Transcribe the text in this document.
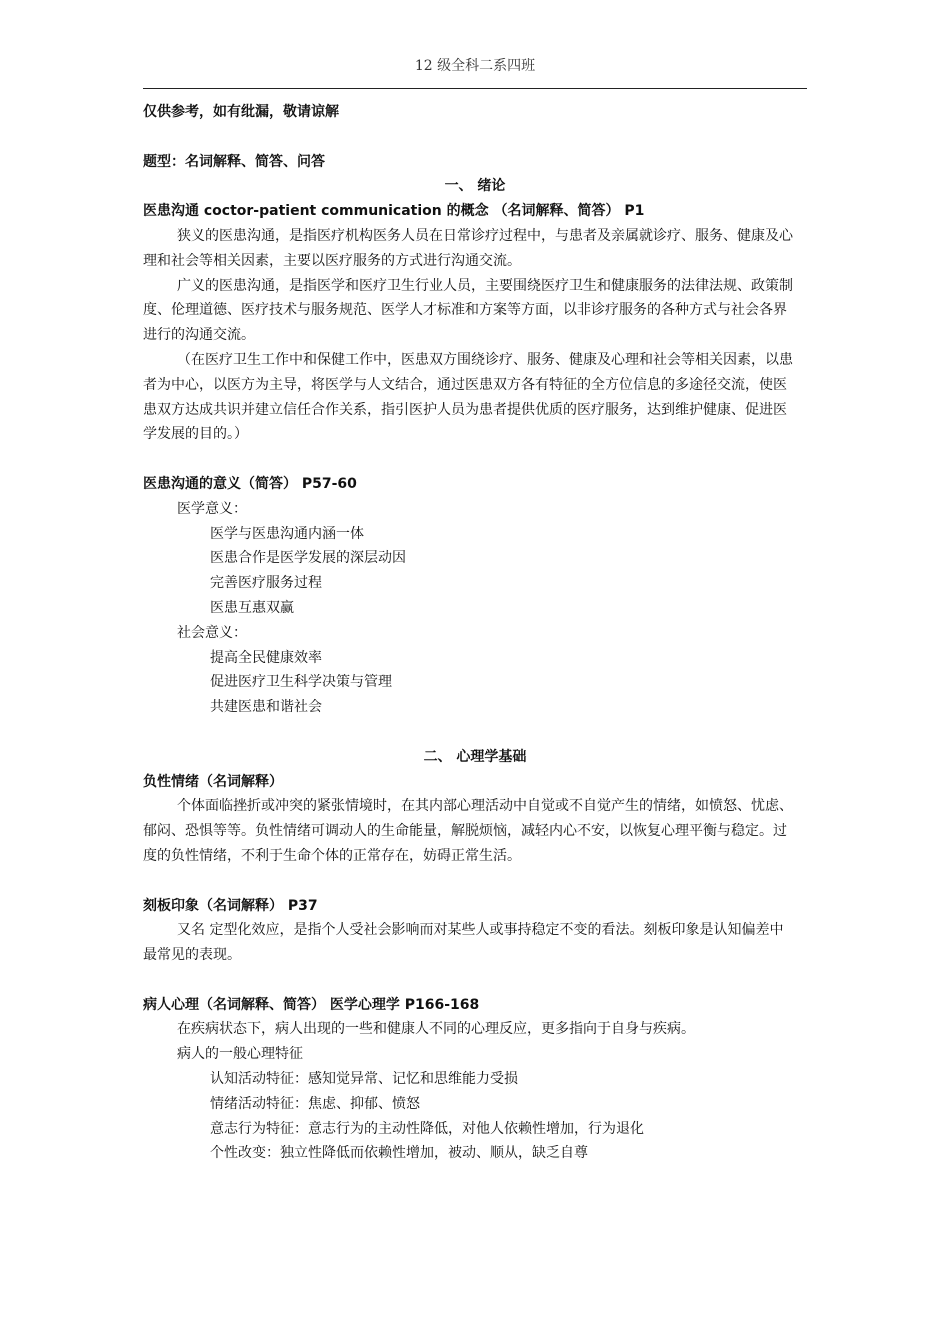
12 级全科二系四班
仅供参考，如有纰漏，敬请谅解
题型：名词解释、简答、问答
一、 绪论
医患沟通 coctor-patient communication 的概念 （名词解释、简答） P1
狭义的医患沟通，是指医疗机构医务人员在日常诊疗过程中，与患者及亲属就诊疗、服务、健康及心
理和社会等相关因素，主要以医疗服务的方式进行沟通交流。
广义的医患沟通，是指医学和医疗卫生行业人员，主要围绕医疗卫生和健康服务的法律法规、政策制
度、伦理道德、医疗技术与服务规范、医学人才标准和方案等方面，以非诊疗服务的各种方式与社会各界
进行的沟通交流。
（在医疗卫生工作中和保健工作中，医患双方围绕诊疗、服务、健康及心理和社会等相关因素，以患
者为中心，以医方为主导，将医学与人文结合，通过医患双方各有特征的全方位信息的多途径交流，使医
患双方达成共识并建立信任合作关系，指引医护人员为患者提供优质的医疗服务，达到维护健康、促进医
学发展的目的。）
医患沟通的意义（简答） P57-60
医学意义：
医学与医患沟通内涵一体
医患合作是医学发展的深层动因
完善医疗服务过程
医患互惠双赢
社会意义：
提高全民健康效率
促进医疗卫生科学决策与管理
共建医患和谐社会
二、 心理学基础
负性情绪（名词解释）
个体面临挫折或冲突的紧张情境时，在其内部心理活动中自觉或不自觉产生的情绪，如愤怒、忧虑、
郁闷、恐惧等等。负性情绪可调动人的生命能量，解脱烦恼，减轻内心不安，以恢复心理平衡与稳定。过
度的负性情绪，不利于生命个体的正常存在，妨碍正常生活。
刻板印象（名词解释） P37
又名 定型化效应，是指个人受社会影响而对某些人或事持稳定不变的看法。刻板印象是认知偏差中
最常见的表现。
病人心理（名词解释、简答） 医学心理学 P166-168
在疾病状态下，病人出现的一些和健康人不同的心理反应，更多指向于自身与疾病。
病人的一般心理特征
认知活动特征：感知觉异常、记忆和思维能力受损
情绪活动特征：焦虑、抑郁、愤怒
意志行为特征：意志行为的主动性降低，对他人依赖性增加，行为退化
个性改变：独立性降低而依赖性增加，被动、顺从，缺乏自尊
